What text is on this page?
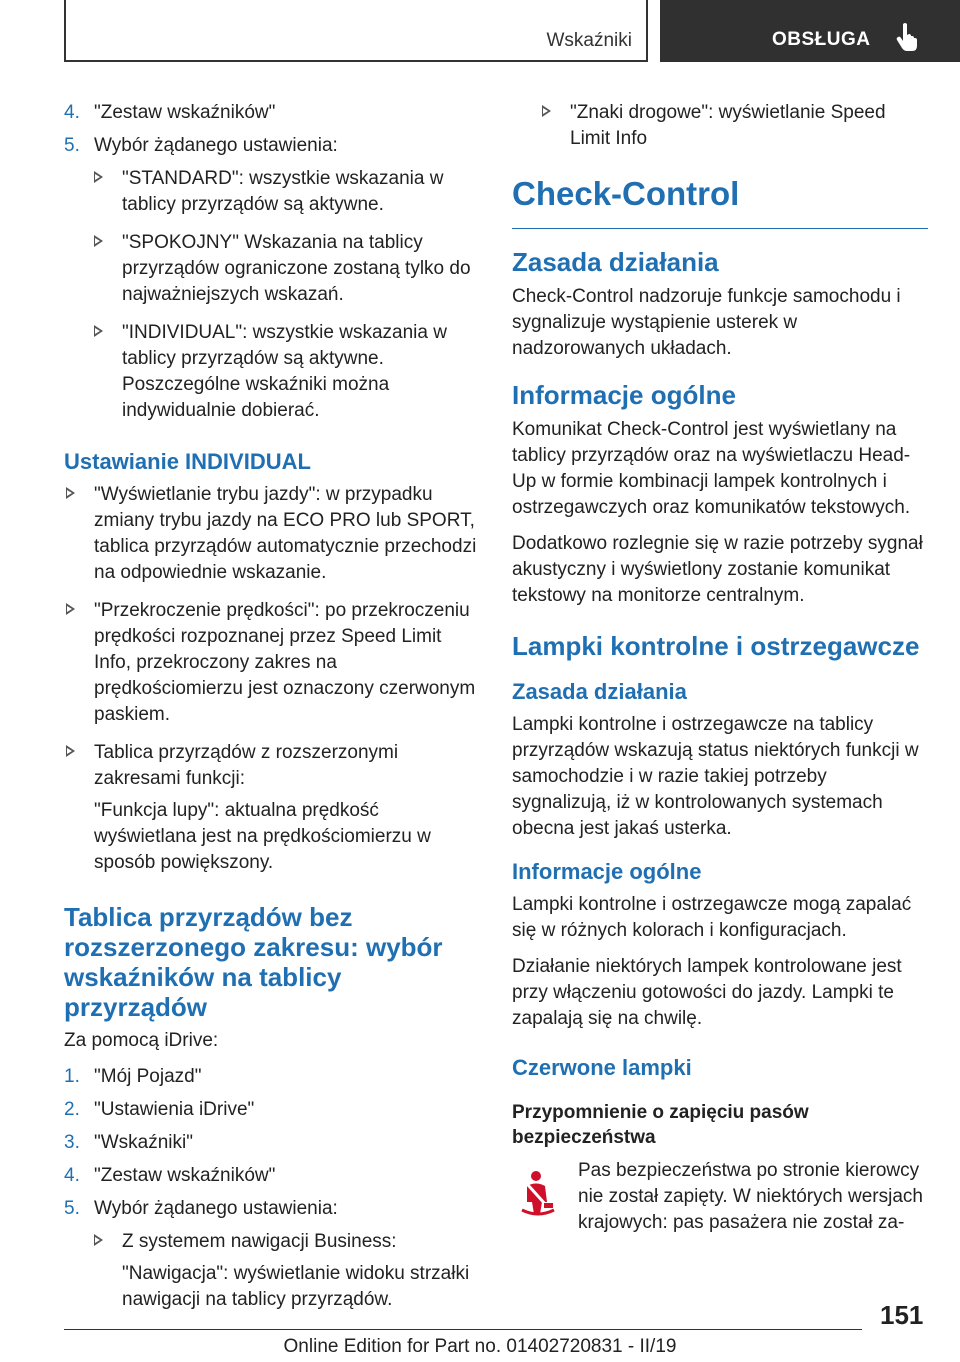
Wskaźniki	OBSŁUGA
4. "Zestaw wskaźników"
5. Wybór żądanego ustawienia:
"STANDARD": wszystkie wskazania w tablicy przyrządów są aktywne.
"SPOKOJNY" Wskazania na tablicy przyrządów ograniczone zostaną tylko do najważniejszych wskazań.
"INDIVIDUAL": wszystkie wskazania w tablicy przyrządów są aktywne. Poszczególne wskaźniki można indywidualnie dobierać.
Ustawianie INDIVIDUAL
"Wyświetlanie trybu jazdy": w przypadku zmiany trybu jazdy na ECO PRO lub SPORT, tablica przyrządów automatycznie przechodzi na odpowiednie wskazanie.
"Przekroczenie prędkości": po przekroczeniu prędkości rozpoznanej przez Speed Limit Info, przekroczony zakres na prędkościomierzu jest oznaczony czerwonym paskiem.
Tablica przyrządów z rozszerzonymi zakresami funkcji:

"Funkcja lupy": aktualna prędkość wyświetlana jest na prędkościomierzu w sposób powiększony.

Tablica przyrządów bez rozszerzonego zakresu: wybór wskaźników na tablicy przyrządów

Za pomocą iDrive:

1. "Mój Pojazd"
2. "Ustawienia iDrive"
3. "Wskaźniki"
4. "Zestaw wskaźników"
5. Wybór żądanego ustawienia:
Z systemem nawigacji Business:

"Nawigacja": wyświetlanie widoku strzałki nawigacji na tablicy przyrządów.

"Znaki drogowe": wyświetlanie Speed Limit Info
Check-Control
Zasada działania

Check-Control nadzoruje funkcje samochodu i sygnalizuje wystąpienie usterek w nadzorowanych układach.

Informacje ogólne

Komunikat Check-Control jest wyświetlany na tablicy przyrządów oraz na wyświetlaczu Head-Up w formie kombinacji lampek kontrolnych i ostrzegawczych oraz komunikatów tekstowych.

Dodatkowo rozlegnie się w razie potrzeby sygnał akustyczny i wyświetlony zostanie komunikat tekstowy na monitorze centralnym.

Lampki kontrolne i ostrzegawcze
Zasada działania

Lampki kontrolne i ostrzegawcze na tablicy przyrządów wskazują status niektórych funkcji w samochodzie i w razie takiej potrzeby sygnalizują, iż w kontrolowanych systemach obecna jest jakaś usterka.

Informacje ogólne

Lampki kontrolne i ostrzegawcze mogą zapalać się w różnych kolorach i konfiguracjach.

Działanie niektórych lampek kontrolowane jest przy włączeniu gotowości do jazdy. Lampki te zapalają się na chwilę.

Czerwone lampki
Przypomnienie o zapięciu pasów bezpieczeństwa

Pas bezpieczeństwa po stronie kierowcy nie został zapięty. W niektórych wersjach krajowych: pas pasażera nie został za-

151
Online Edition for Part no. 01402720831 - II/19
